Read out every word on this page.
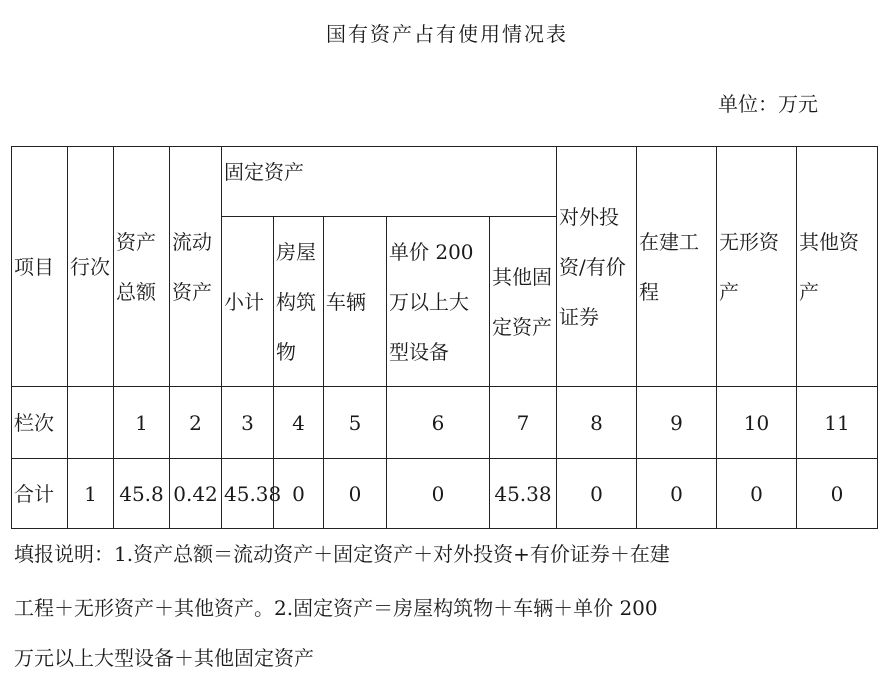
国有资产占有使用情况表
单位：万元
项目	行次	资产总额	流动资产	固定资产					对外投资/有价证券	在建工程	无形资产	其他资产
				小计	房屋构筑物	车辆	单价 200 万以上大型设备	其他固定资产				
栏次		1	2	3	4	5	6	7	8	9	10	11
合计	1	45.8	0.42	45.38	0	0	0	45.38	0	0	0	0
填报说明：1.资产总额＝流动资产＋固定资产＋对外投资+有价证券＋在建
工程＋无形资产＋其他资产。2.固定资产＝房屋构筑物＋车辆＋单价 200
万元以上大型设备＋其他固定资产
